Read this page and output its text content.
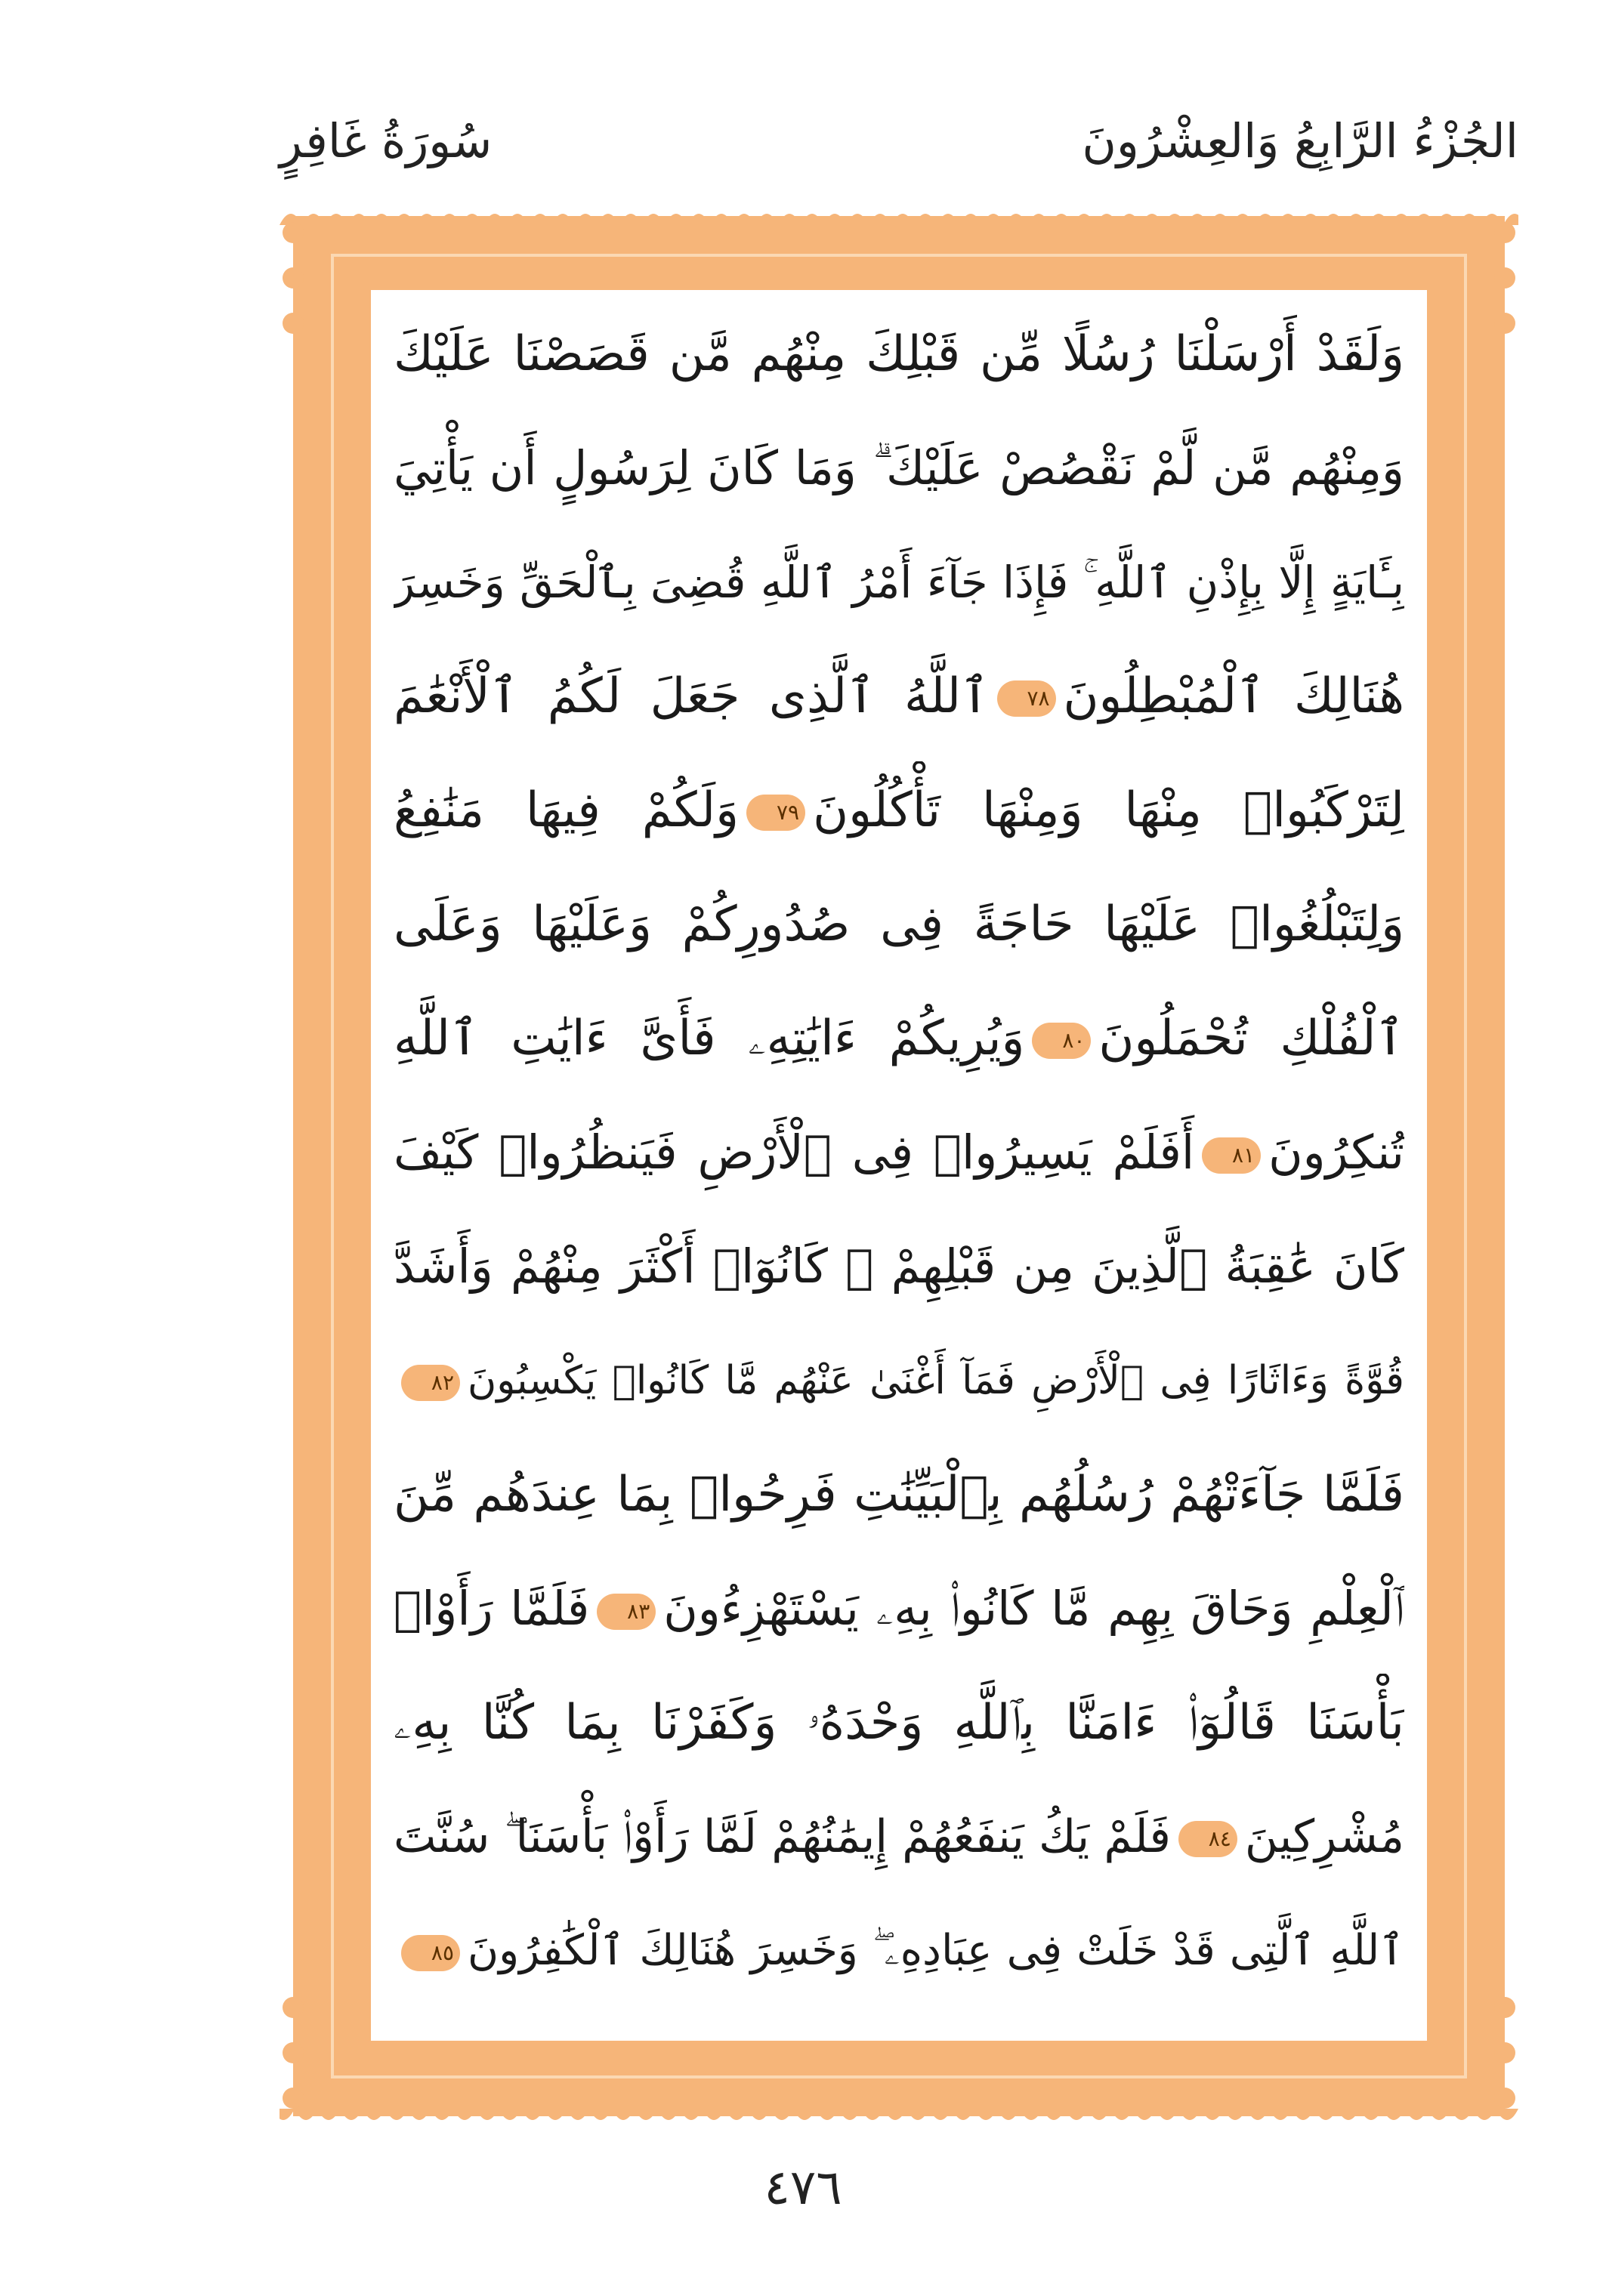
الجُزْءُ الرَّابِعُ وَالعِشْرُونَ
سُورَةُ غَافِرٍ
وَلَقَدْ أَرْسَلْنَا رُسُلًا مِّن قَبْلِكَ مِنْهُم مَّن قَصَصْنَا عَلَيْكَ
وَمِنْهُم مَّن لَّمْ نَقْصُصْ عَلَيْكَ ۗ وَمَا كَانَ لِرَسُولٍ أَن يَأْتِيَ
بِـَٔايَةٍ إِلَّا بِإِذْنِ ٱللَّهِ ۚ فَإِذَا جَآءَ أَمْرُ ٱللَّهِ قُضِىَ بِٱلْحَقِّ وَخَسِرَ
هُنَالِكَ ٱلْمُبْطِلُونَ٧٨ٱللَّهُ ٱلَّذِى جَعَلَ لَكُمُ ٱلْأَنْعَٰمَ
لِتَرْكَبُوا۟ مِنْهَا وَمِنْهَا تَأْكُلُونَ٧٩وَلَكُمْ فِيهَا مَنَٰفِعُ
وَلِتَبْلُغُوا۟ عَلَيْهَا حَاجَةً فِى صُدُورِكُمْ وَعَلَيْهَا وَعَلَى
ٱلْفُلْكِ تُحْمَلُونَ٨٠وَيُرِيكُمْ ءَايَٰتِهِۦ فَأَىَّ ءَايَٰتِ ٱللَّهِ
تُنكِرُونَ٨١أَفَلَمْ يَسِيرُوا۟ فِى ٱلْأَرْضِ فَيَنظُرُوا۟ كَيْفَ
كَانَ عَٰقِبَةُ ٱلَّذِينَ مِن قَبْلِهِمْ ۚ كَانُوٓا۟ أَكْثَرَ مِنْهُمْ وَأَشَدَّ
قُوَّةً وَءَاثَارًا فِى ٱلْأَرْضِ فَمَآ أَغْنَىٰ عَنْهُم مَّا كَانُوا۟ يَكْسِبُونَ٨٢
فَلَمَّا جَآءَتْهُمْ رُسُلُهُم بِٱلْبَيِّنَٰتِ فَرِحُوا۟ بِمَا عِندَهُم مِّنَ
ٱلْعِلْمِ وَحَاقَ بِهِم مَّا كَانُوا۟ بِهِۦ يَسْتَهْزِءُونَ٨٣فَلَمَّا رَأَوْا۟
بَأْسَنَا قَالُوٓا۟ ءَامَنَّا بِٱللَّهِ وَحْدَهُۥ وَكَفَرْنَا بِمَا كُنَّا بِهِۦ
مُشْرِكِينَ٨٤فَلَمْ يَكُ يَنفَعُهُمْ إِيمَٰنُهُمْ لَمَّا رَأَوْا۟ بَأْسَنَا ۖ سُنَّتَ
ٱللَّهِ ٱلَّتِى قَدْ خَلَتْ فِى عِبَادِهِۦ ۖ وَخَسِرَ هُنَالِكَ ٱلْكَٰفِرُونَ٨٥
٤٧٦
